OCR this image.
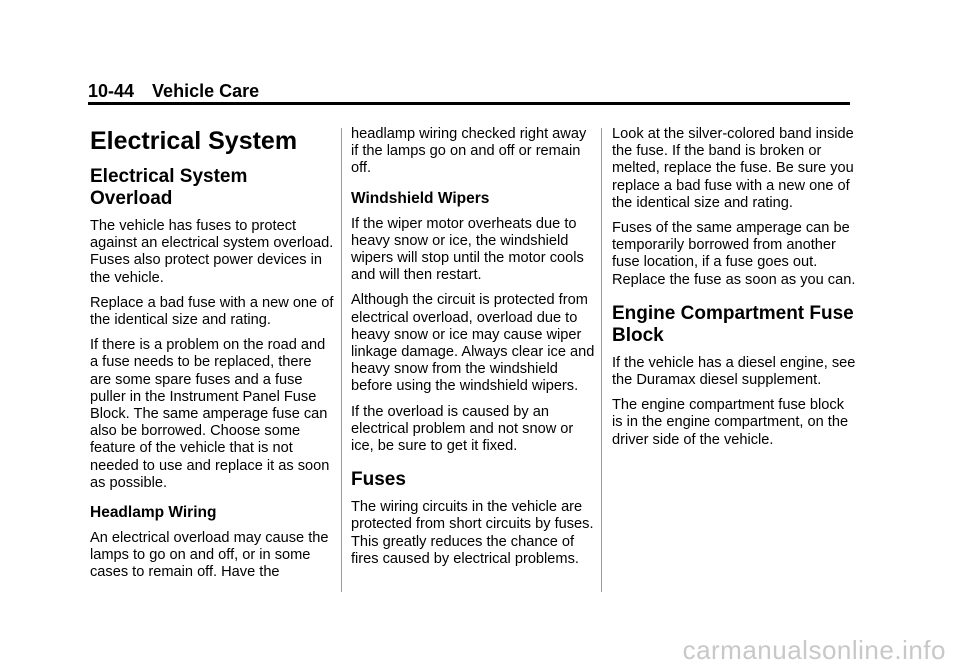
10-44 Vehicle Care
Electrical System
Electrical System Overload

The vehicle has fuses to protect against an electrical system overload. Fuses also protect power devices in the vehicle.

Replace a bad fuse with a new one of the identical size and rating.

If there is a problem on the road and a fuse needs to be replaced, there are some spare fuses and a fuse puller in the Instrument Panel Fuse Block. The same amperage fuse can also be borrowed. Choose some feature of the vehicle that is not needed to use and replace it as soon as possible.

Headlamp Wiring

An electrical overload may cause the lamps to go on and off, or in some cases to remain off. Have the

headlamp wiring checked right away if the lamps go on and off or remain off.

Windshield Wipers

If the wiper motor overheats due to heavy snow or ice, the windshield wipers will stop until the motor cools and will then restart.

Although the circuit is protected from electrical overload, overload due to heavy snow or ice may cause wiper linkage damage. Always clear ice and heavy snow from the windshield before using the windshield wipers.

If the overload is caused by an electrical problem and not snow or ice, be sure to get it fixed.

Fuses

The wiring circuits in the vehicle are protected from short circuits by fuses. This greatly reduces the chance of fires caused by electrical problems.

Look at the silver-colored band inside the fuse. If the band is broken or melted, replace the fuse. Be sure you replace a bad fuse with a new one of the identical size and rating.

Fuses of the same amperage can be temporarily borrowed from another fuse location, if a fuse goes out. Replace the fuse as soon as you can.

Engine Compartment Fuse Block

If the vehicle has a diesel engine, see the Duramax diesel supplement.

The engine compartment fuse block is in the engine compartment, on the driver side of the vehicle.

carmanualsonline.info
